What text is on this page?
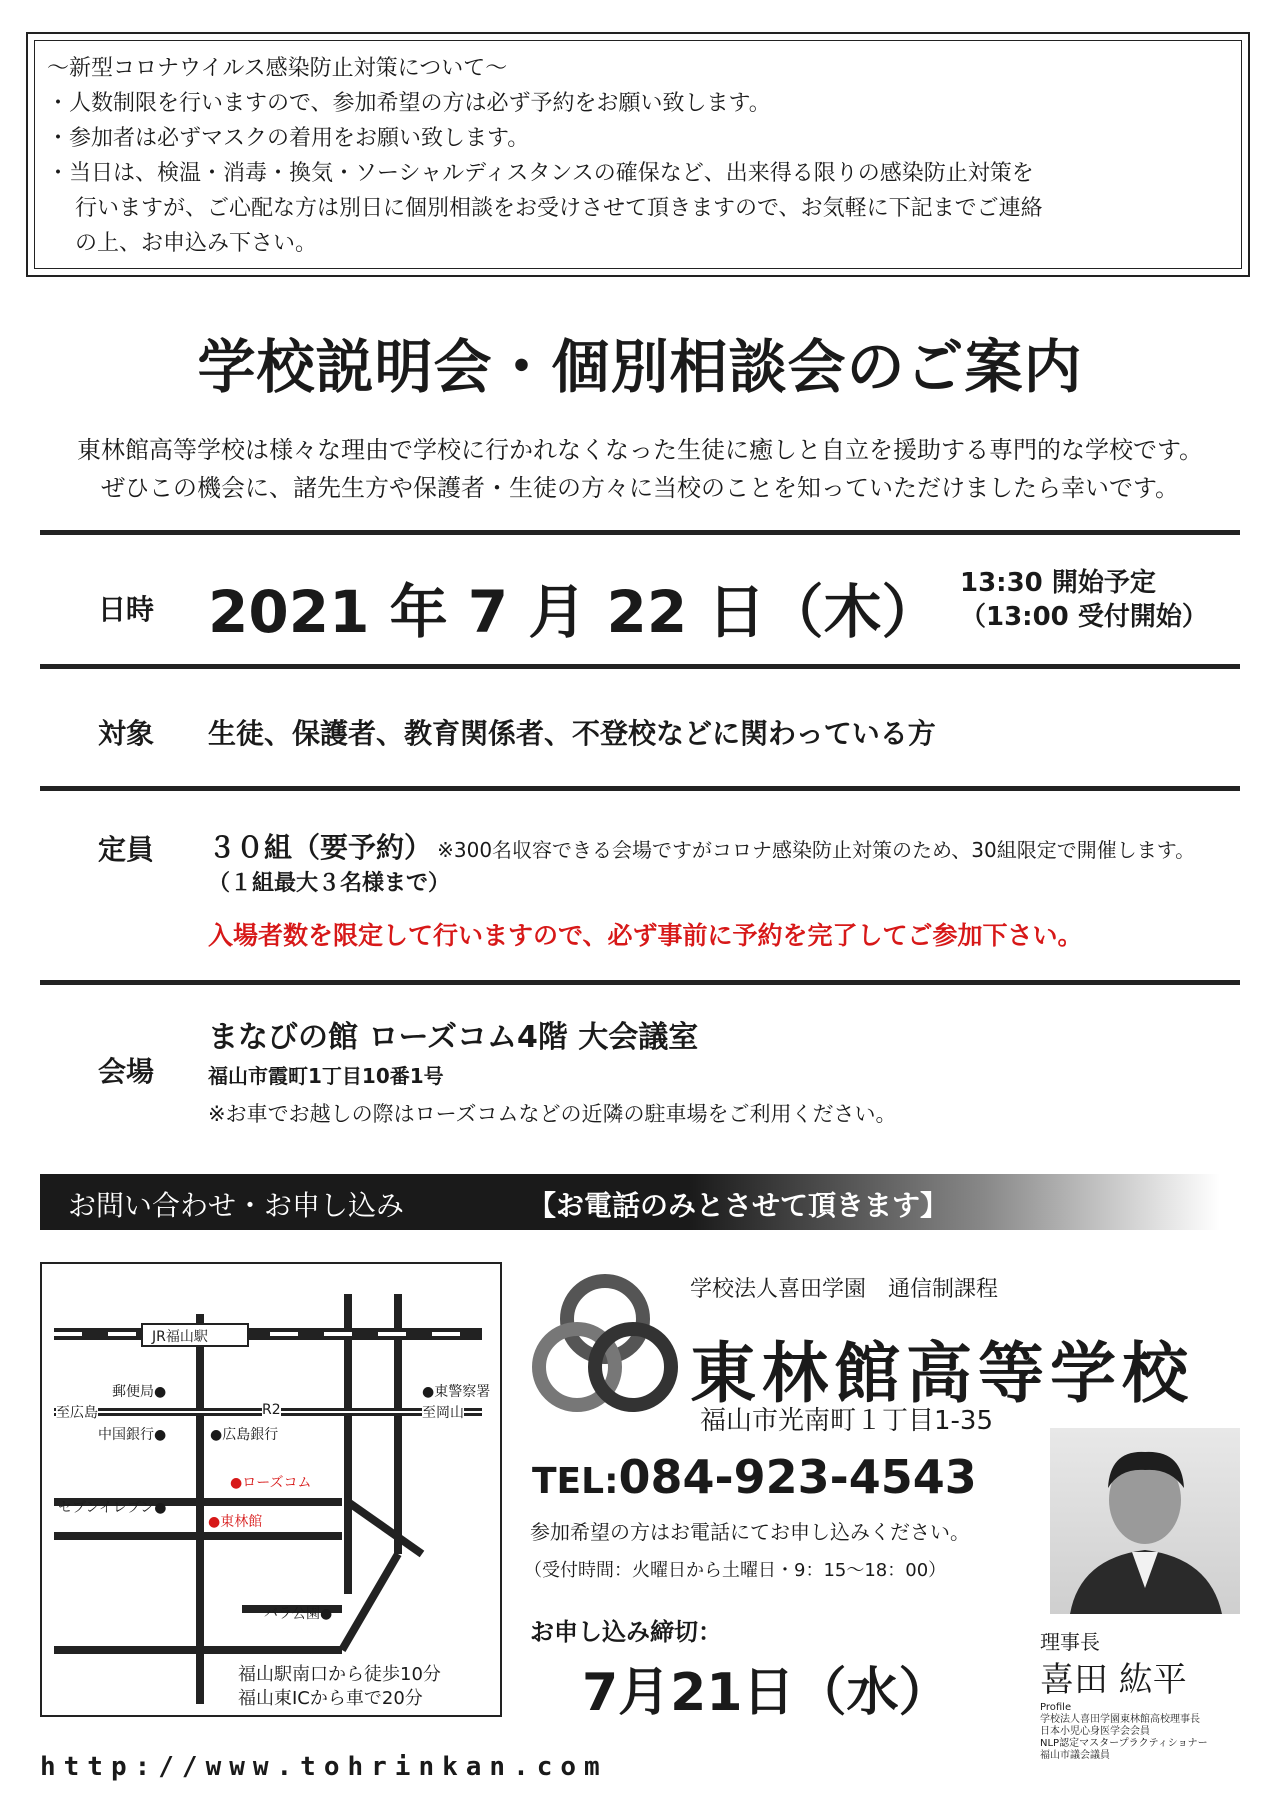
〜新型コロナウイルス感染防止対策について〜
・人数制限を行いますので、参加希望の方は必ず予約をお願い致します。
・参加者は必ずマスクの着用をお願い致します。
・当日は、検温・消毒・換気・ソーシャルディスタンスの確保など、出来得る限りの感染防止対策を
行いますが、ご心配な方は別日に個別相談をお受けさせて頂きますので、お気軽に下記までご連絡
の上、お申込み下さい。
学校説明会・個別相談会のご案内
東林館高等学校は様々な理由で学校に行かれなくなった生徒に癒しと自立を援助する専門的な学校です。
ぜひこの機会に、諸先生方や保護者・生徒の方々に当校のことを知っていただけましたら幸いです。
日時 2021 年 7 月 22 日（木） 13:30 開始予定
（13:00 受付開始）
対象 生徒、保護者、教育関係者、不登校などに関わっている方
定員 ３０組（要予約） ※300名収容できる会場ですがコロナ感染防止対策のため、30組限定で開催します。
（１組最大３名様まで）
入場者数を限定して行いますので、必ず事前に予約を完了してご参加下さい。
会場
まなびの館 ローズコム4階 大会議室
福山市霞町1丁目10番1号
※お車でお越しの際はローズコムなどの近隣の駐車場をご利用ください。
お問い合わせ・お申し込み	【お電話のみとさせて頂きます】
JR福山駅
郵便局●	●東警察署
至広島	R2	至岡山
中国銀行●	●広島銀行
●ローズコム
セブンイレブン●
●東林館
バラ公園●
福山駅南口から徒歩10分
福山東ICから車で20分
学校法人喜田学園　通信制課程
東林館高等学校
福山市光南町１丁目1-35
TEL:084-923-4543
参加希望の方はお電話にてお申し込みください。
（受付時間：火曜日から土曜日・9：15〜18：00）
お申し込み締切：
7月21日（水）
理事長
喜田 紘平
Profile
学校法人喜田学園東林館高校理事長
日本小児心身医学会会員
NLP認定マスタープラクティショナー
福山市議会議員
http://www.tohrinkan.com
